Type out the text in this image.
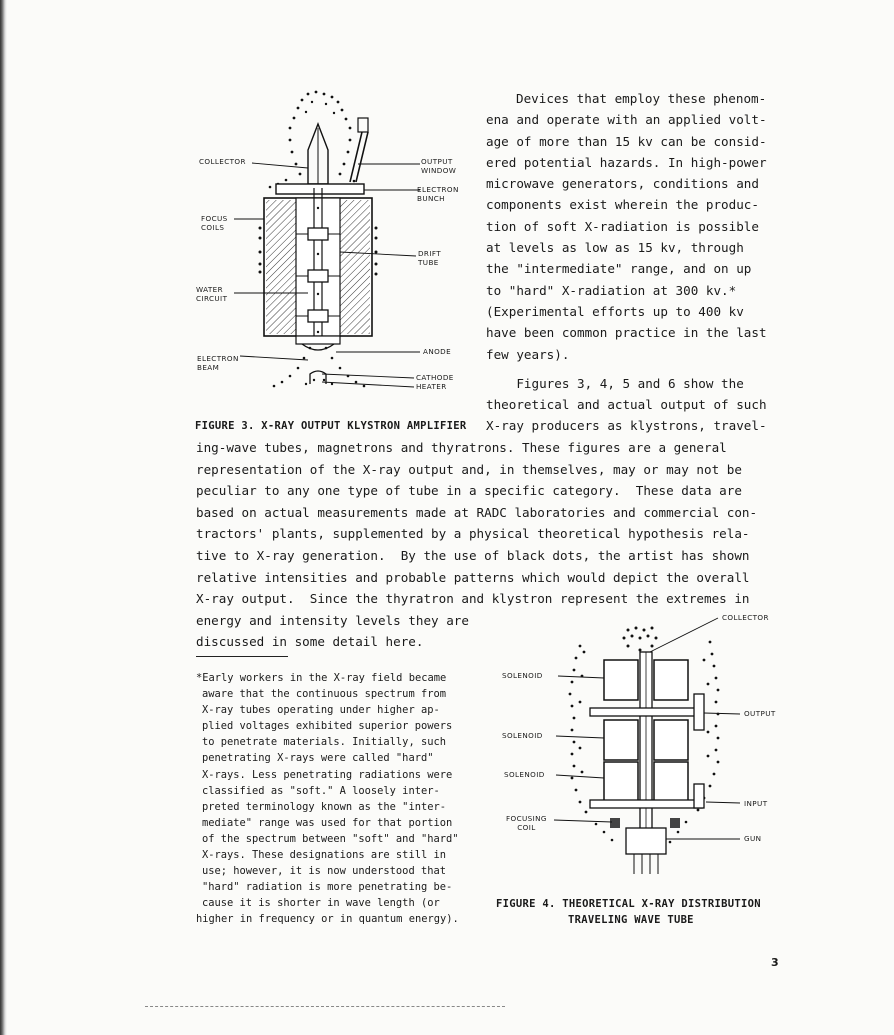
COLLECTOR	OUTPUT
WINDOW
ELECTRON
BUNCH
FOCUS
COILS
DRIFT
TUBE
WATER
CIRCUIT
ANODE
ELECTRON
BEAM
CATHODE
HEATER
Devices that employ these phenom-
ena and operate with an applied volt-
age of more than 15 kv can be consid-
ered potential hazards. In high-power
microwave generators, conditions and
components exist wherein the produc-
tion of soft X-radiation is possible
at levels as low as 15 kv, through
the "intermediate" range, and on up
to "hard" X-radiation at 300 kv.*
(Experimental efforts up to 400 kv
have been common practice in the last
few years).
Figures 3, 4, 5 and 6 show the
theoretical and actual output of such
X-ray producers as klystrons, travel-
FIGURE 3. X-RAY OUTPUT KLYSTRON AMPLIFIER
ing-wave tubes, magnetrons and thyratrons. These figures are a general
representation of the X-ray output and, in themselves, may or may not be
peculiar to any one type of tube in a specific category.  These data are
based on actual measurements made at RADC laboratories and commercial con-
tractors' plants, supplemented by a physical theoretical hypothesis rela-
tive to X-ray generation.  By the use of black dots, the artist has shown
relative intensities and probable patterns which would depict the overall
X-ray output.  Since the thyratron and klystron represent the extremes in
energy and intensity levels they are
discussed in some detail here.
*Early workers in the X-ray field became
aware that the continuous spectrum from
X-ray tubes operating under higher ap-
plied voltages exhibited superior powers
to penetrate materials. Initially, such
penetrating X-rays were called "hard"
X-rays. Less penetrating radiations were
classified as "soft." A loosely inter-
preted terminology known as the "inter-
mediate" range was used for that portion
of the spectrum between "soft" and "hard"
X-rays. These designations are still in
use; however, it is now understood that
"hard" radiation is more penetrating be-
cause it is shorter in wave length (or
higher in frequency or in quantum energy).
COLLECTOR
SOLENOID
SOLENOID
SOLENOID
OUTPUT
INPUT
FOCUSING
COIL
GUN
FIGURE 4. THEORETICAL X-RAY DISTRIBUTION
TRAVELING WAVE TUBE
3
